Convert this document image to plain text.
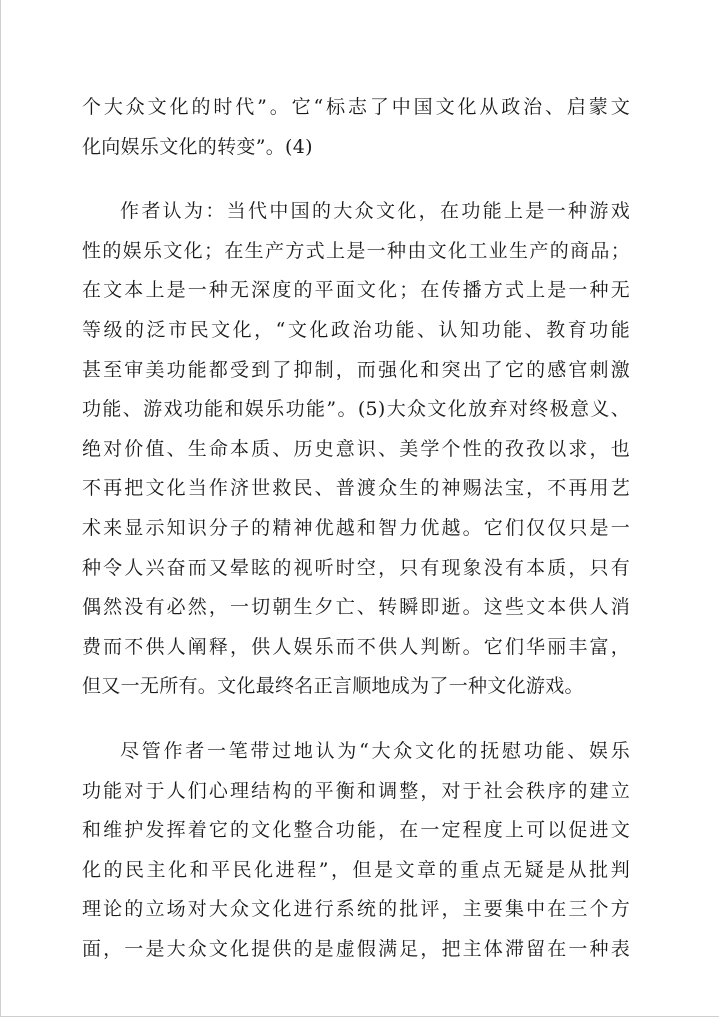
个大众文化的时代”。它“标志了中国文化从政治、启蒙文
化向娱乐文化的转变”。(4)
作者认为：当代中国的大众文化，在功能上是一种游戏
性的娱乐文化；在生产方式上是一种由文化工业生产的商品；
在文本上是一种无深度的平面文化；在传播方式上是一种无
等级的泛市民文化，“文化政治功能、认知功能、教育功能
甚至审美功能都受到了抑制，而强化和突出了它的感官刺激
功能、游戏功能和娱乐功能”。(5)大众文化放弃对终极意义、
绝对价值、生命本质、历史意识、美学个性的孜孜以求，也
不再把文化当作济世救民、普渡众生的神赐法宝，不再用艺
术来显示知识分子的精神优越和智力优越。它们仅仅只是一
种令人兴奋而又晕眩的视听时空，只有现象没有本质，只有
偶然没有必然，一切朝生夕亡、转瞬即逝。这些文本供人消
费而不供人阐释，供人娱乐而不供人判断。它们华丽丰富，
但又一无所有。文化最终名正言顺地成为了一种文化游戏。
尽管作者一笔带过地认为“大众文化的抚慰功能、娱乐
功能对于人们心理结构的平衡和调整，对于社会秩序的建立
和维护发挥着它的文化整合功能，在一定程度上可以促进文
化的民主化和平民化进程”，但是文章的重点无疑是从批判
理论的立场对大众文化进行系统的批评，主要集中在三个方
面，一是大众文化提供的是虚假满足，把主体滞留在一种表
